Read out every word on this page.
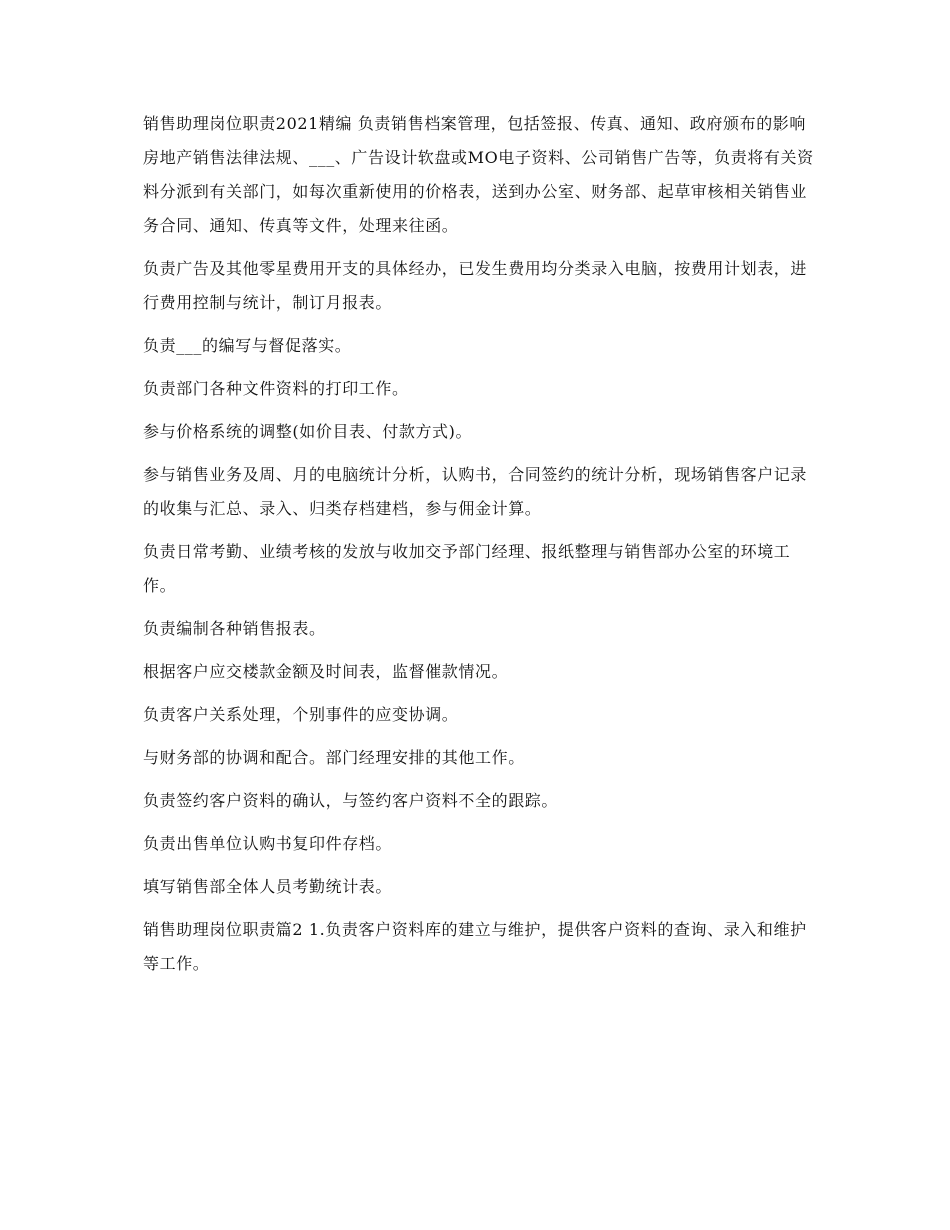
销售助理岗位职责2021精编 负责销售档案管理，包括签报、传真、通知、政府颁布的影响房地产销售法律法规、___、广告设计软盘或MO电子资料、公司销售广告等，负责将有关资料分派到有关部门，如每次重新使用的价格表，送到办公室、财务部、起草审核相关销售业务合同、通知、传真等文件，处理来往函。

负责广告及其他零星费用开支的具体经办，已发生费用均分类录入电脑，按费用计划表，进行费用控制与统计，制订月报表。

负责___的编写与督促落实。

负责部门各种文件资料的打印工作。

参与价格系统的调整(如价目表、付款方式)。

参与销售业务及周、月的电脑统计分析，认购书，合同签约的统计分析，现场销售客户记录的收集与汇总、录入、归类存档建档，参与佣金计算。

负责日常考勤、业绩考核的发放与收加交予部门经理、报纸整理与销售部办公室的环境工作。

负责编制各种销售报表。

根据客户应交楼款金额及时间表，监督催款情况。

负责客户关系处理，个别事件的应变协调。

与财务部的协调和配合。部门经理安排的其他工作。

负责签约客户资料的确认，与签约客户资料不全的跟踪。

负责出售单位认购书复印件存档。

填写销售部全体人员考勤统计表。

销售助理岗位职责篇2 1.负责客户资料库的建立与维护，提供客户资料的查询、录入和维护等工作。
